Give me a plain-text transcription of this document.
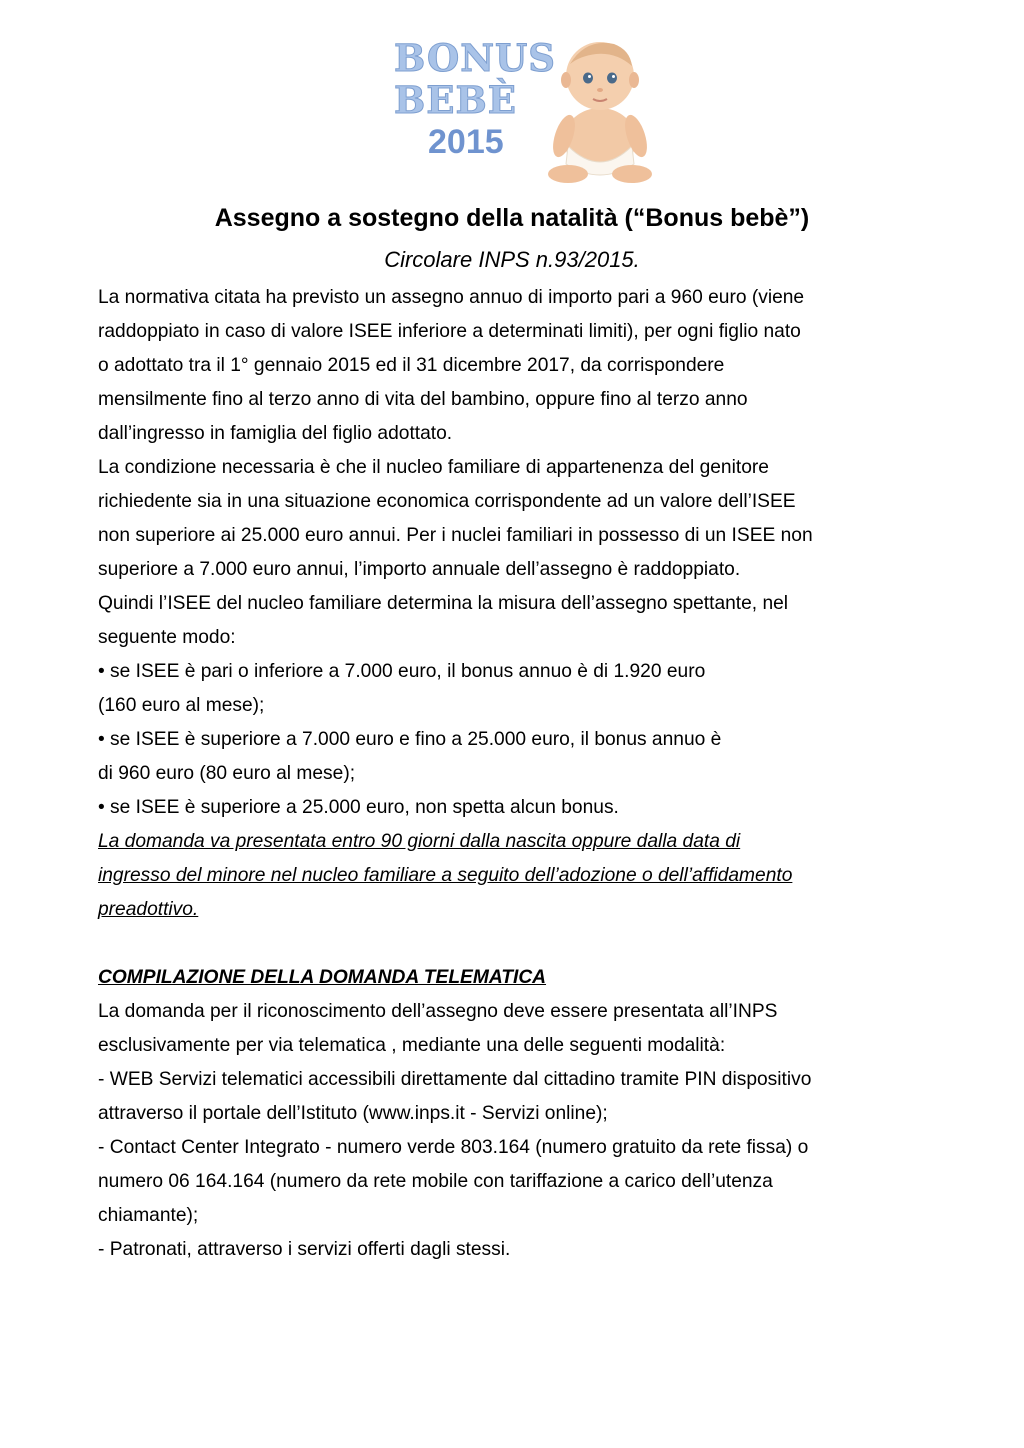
BONUS
BEBÈ
2015
Assegno a sostegno della natalità (“Bonus bebè”)
Circolare INPS n.93/2015.
La normativa citata ha previsto un assegno annuo di importo pari a 960 euro (viene
raddoppiato in caso di valore ISEE inferiore a determinati limiti), per ogni figlio nato
o adottato tra il 1° gennaio 2015 ed il 31 dicembre 2017, da corrispondere
mensilmente fino al terzo anno di vita del bambino, oppure fino al terzo anno
dall’ingresso in famiglia del figlio adottato.
La condizione necessaria è che il nucleo familiare di appartenenza del genitore
richiedente sia in una situazione economica corrispondente ad un valore dell’ISEE
non superiore ai 25.000 euro annui. Per i nuclei familiari in possesso di un ISEE non
superiore a 7.000 euro annui, l’importo annuale dell’assegno è raddoppiato.
Quindi l’ISEE del nucleo familiare determina la misura dell’assegno spettante, nel
seguente modo:
• se ISEE è pari o inferiore a 7.000 euro, il bonus annuo è di 1.920 euro
(160 euro al mese);
• se ISEE è superiore a 7.000 euro e fino a 25.000 euro, il bonus annuo è
di 960 euro (80 euro al mese);
• se ISEE è superiore a 25.000 euro, non spetta alcun bonus.
La domanda va presentata entro 90 giorni dalla nascita oppure dalla data di
ingresso del minore nel nucleo familiare a seguito dell’adozione o dell’affidamento
preadottivo.
COMPILAZIONE DELLA DOMANDA TELEMATICA
La domanda per il riconoscimento dell’assegno deve essere presentata all’INPS
esclusivamente per via telematica , mediante una delle seguenti modalità:
- WEB Servizi telematici accessibili direttamente dal cittadino tramite PIN dispositivo
attraverso il portale dell’Istituto (www.inps.it - Servizi online);
- Contact Center Integrato - numero verde 803.164 (numero gratuito da rete fissa) o
numero 06 164.164 (numero da rete mobile con tariffazione a carico dell’utenza
chiamante);
- Patronati, attraverso i servizi offerti dagli stessi.
